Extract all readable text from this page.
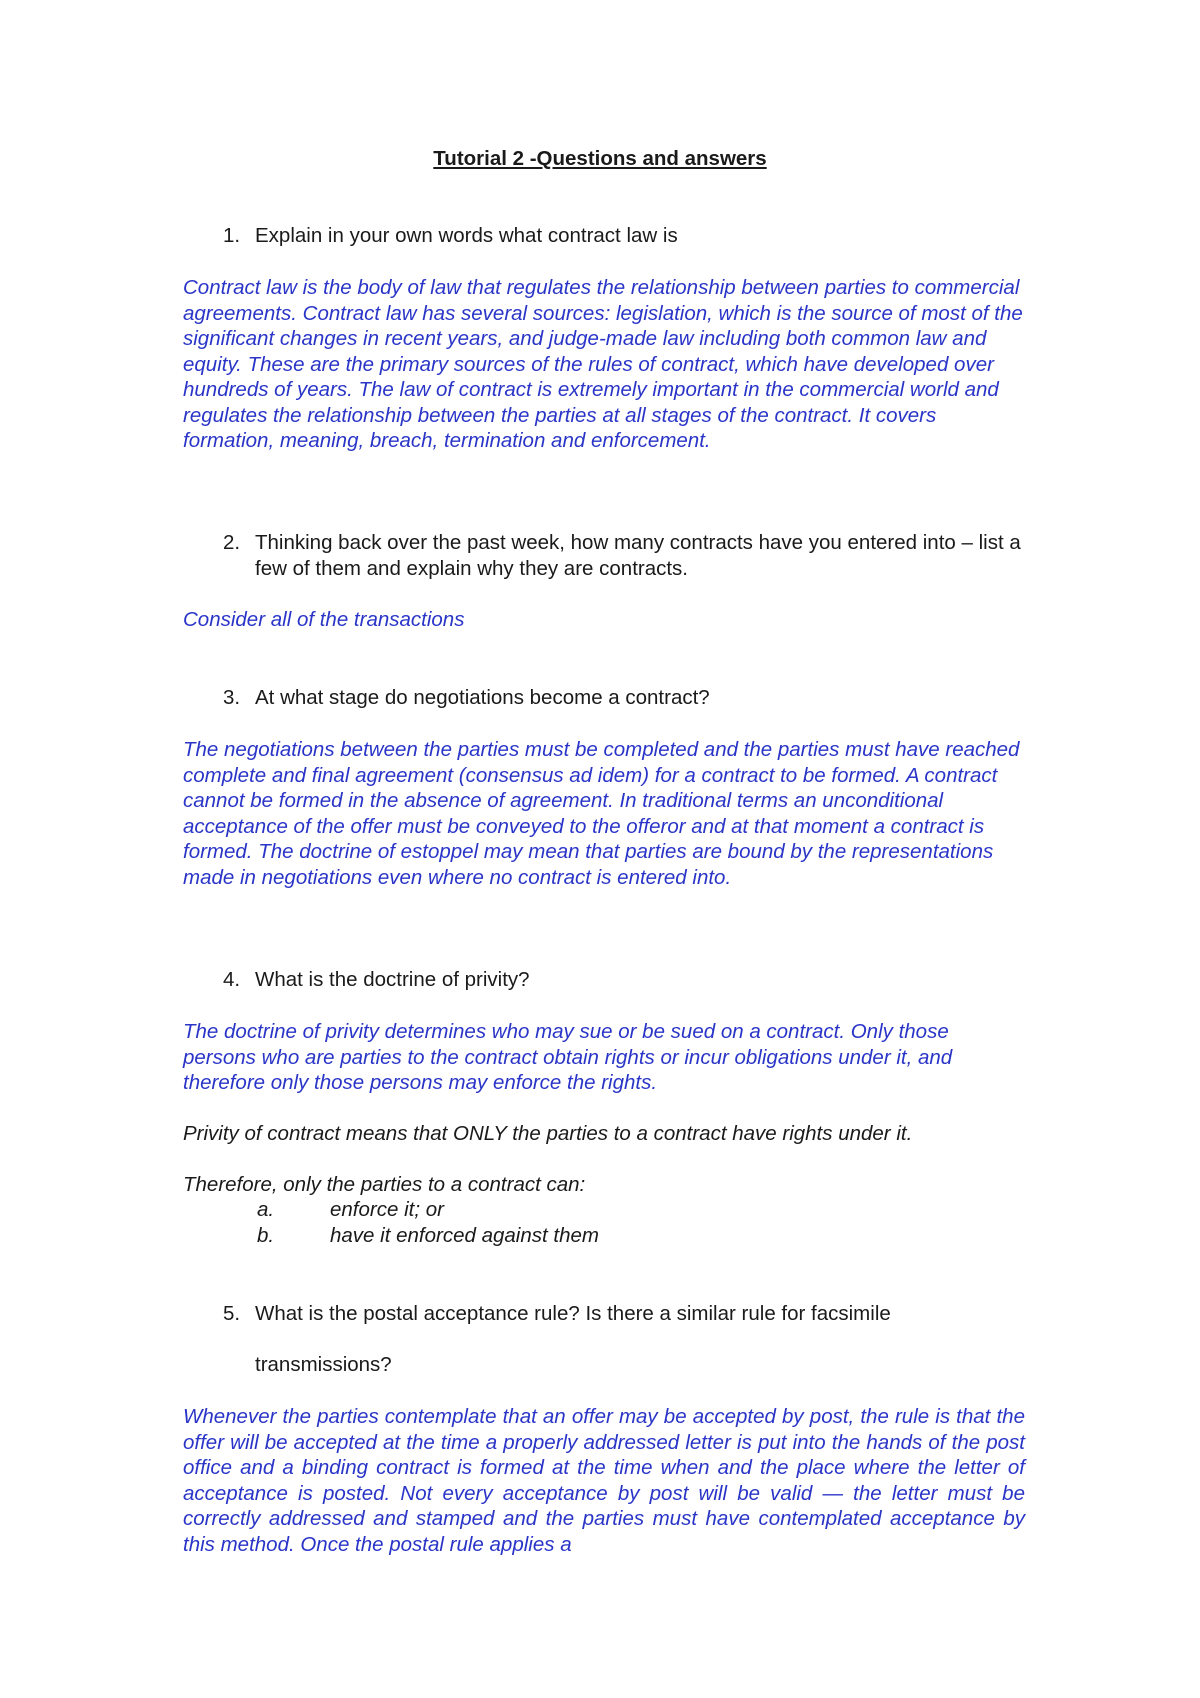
Tutorial 2 -Questions and answers
1. Explain in your own words what contract law is
Contract law is the body of law that regulates the relationship between parties to commercial agreements. Contract law has several sources: legislation, which is the source of most of the significant changes in recent years, and judge-made law including both common law and equity. These are the primary sources of the rules of contract, which have developed over hundreds of years. The law of contract is extremely important in the commercial world and regulates the relationship between the parties at all stages of the contract. It covers formation, meaning, breach, termination and enforcement.
2. Thinking back over the past week, how many contracts have you entered into – list a few of them and explain why they are contracts.
Consider all of the transactions
3. At what stage do negotiations become a contract?
The negotiations between the parties must be completed and the parties must have reached complete and final agreement (consensus ad idem) for a contract to be formed. A contract cannot be formed in the absence of agreement. In traditional terms an unconditional acceptance of the offer must be conveyed to the offeror and at that moment a contract is formed. The doctrine of estoppel may mean that parties are bound by the representations made in negotiations even where no contract is entered into.
4. What is the doctrine of privity?
The doctrine of privity determines who may sue or be sued on a contract. Only those persons who are parties to the contract obtain rights or incur obligations under it, and therefore only those persons may enforce the rights.
Privity of contract means that ONLY the parties to a contract have rights under it.
Therefore, only the parties to a contract can:
a.	enforce it; or
b.	have it enforced against them
5. What is the postal acceptance rule? Is there a similar rule for facsimile
transmissions?
Whenever the parties contemplate that an offer may be accepted by post, the rule is that the offer will be accepted at the time a properly addressed letter is put into the hands of the post office and a binding contract is formed at the time when and the place where the letter of acceptance is posted. Not every acceptance by post will be valid — the letter must be correctly addressed and stamped and the parties must have contemplated acceptance by this method. Once the postal rule applies a
